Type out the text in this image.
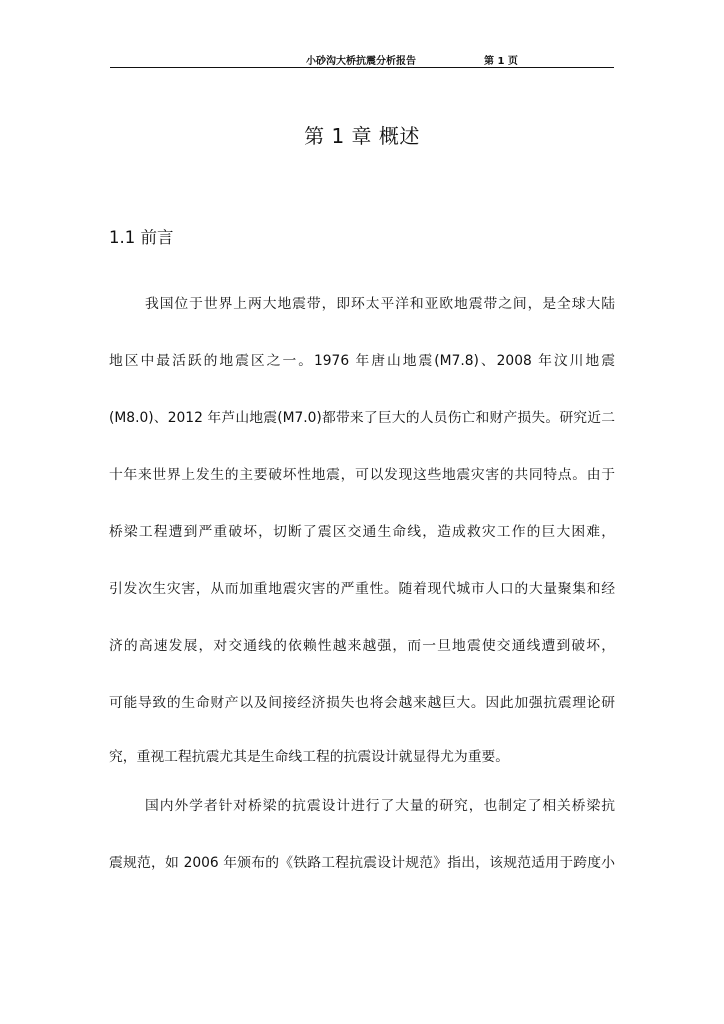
小砂沟大桥抗震分析报告	第 1 页
第 1 章 概述
1.1 前言
我国位于世界上两大地震带，即环太平洋和亚欧地震带之间，是全球大陆
地区中最活跃的地震区之一。1976 年唐山地震(M7.8)、2008 年汶川地震
(M8.0)、2012 年芦山地震(M7.0)都带来了巨大的人员伤亡和财产损失。研究近二
十年来世界上发生的主要破坏性地震，可以发现这些地震灾害的共同特点。由于
桥梁工程遭到严重破坏，切断了震区交通生命线，造成救灾工作的巨大困难，
引发次生灾害，从而加重地震灾害的严重性。随着现代城市人口的大量聚集和经
济的高速发展，对交通线的依赖性越来越强，而一旦地震使交通线遭到破坏，
可能导致的生命财产以及间接经济损失也将会越来越巨大。因此加强抗震理论研
究，重视工程抗震尤其是生命线工程的抗震设计就显得尤为重要。
国内外学者针对桥梁的抗震设计进行了大量的研究，也制定了相关桥梁抗
震规范，如 2006 年颁布的《铁路工程抗震设计规范》指出，该规范适用于跨度小
